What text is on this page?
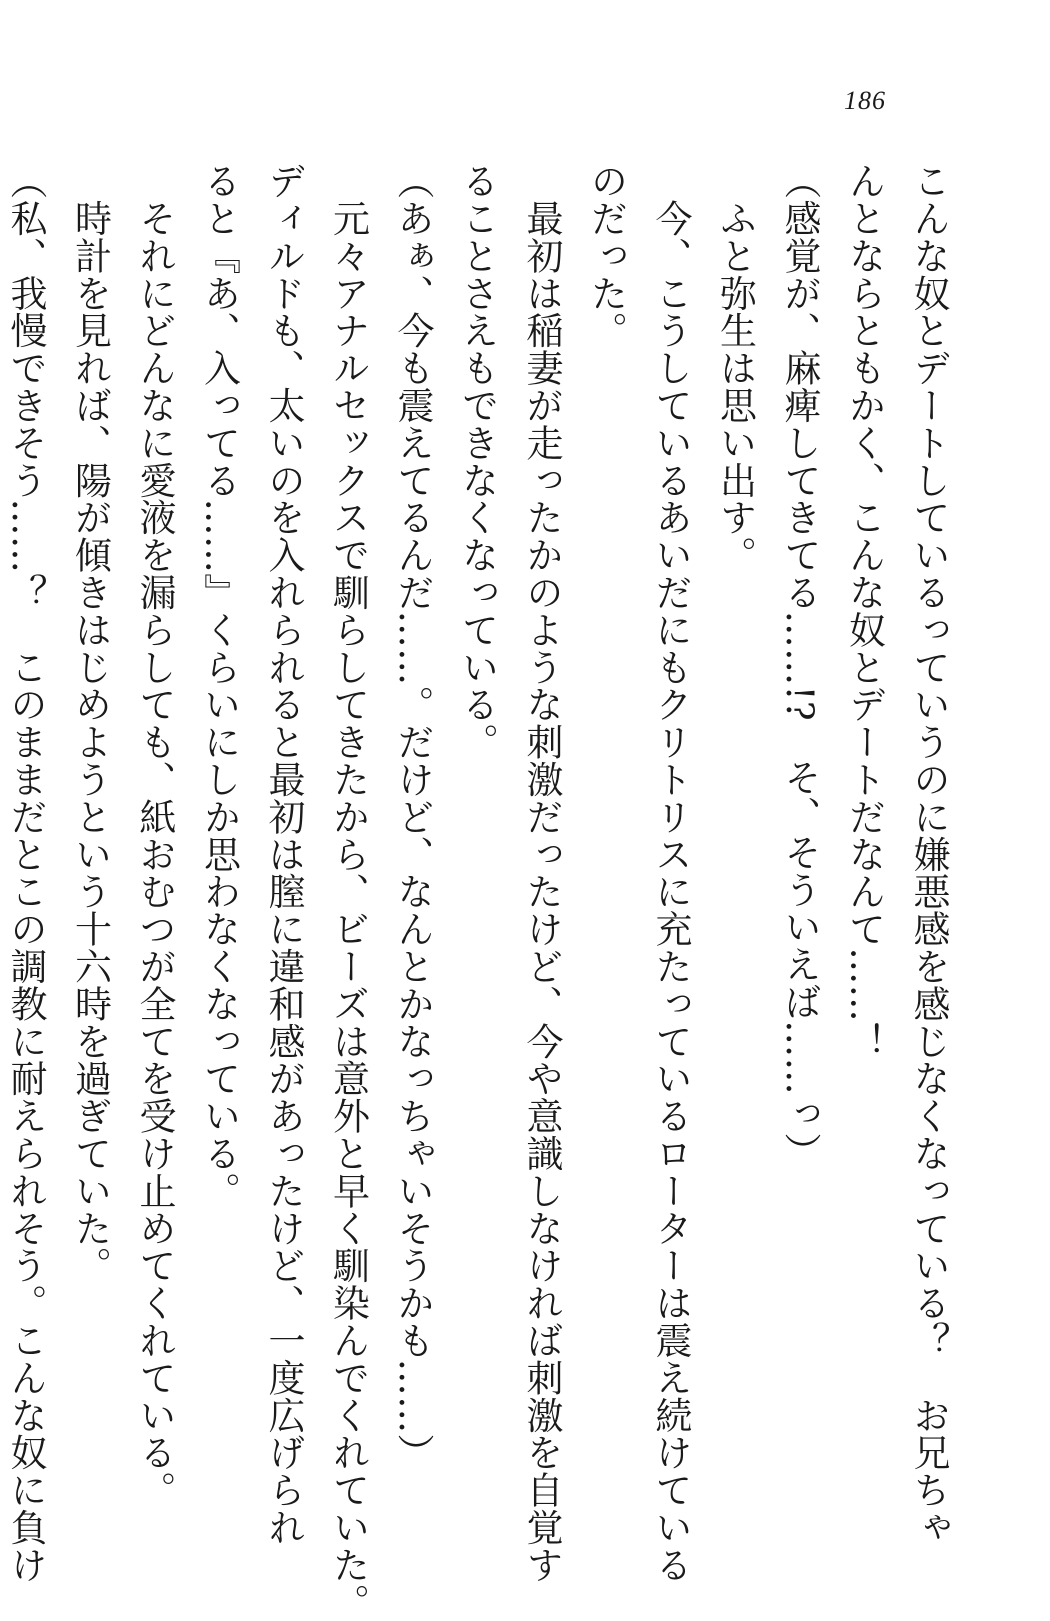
186

こんな奴とデートしているっていうのに嫌悪感を感じなくなっている？　お兄ちゃ

んとならともかく、こんな奴とデートだなんて……！

（感覚が、麻痺してきてる……!?　そ、そういえば……っ）

　ふと弥生は思い出す。

　今、こうしているあいだにもクリトリスに充たっているローターは震え続けている

のだった。

　最初は稲妻が走ったかのような刺激だったけど、今や意識しなければ刺激を自覚す

ることさえもできなくなっている。

（あぁ、今も震えてるんだ……。だけど、なんとかなっちゃいそうかも……）

　元々アナルセックスで馴らしてきたから、ビーズは意外と早く馴染んでくれていた。

ディルドも、太いのを入れられると最初は膣に違和感があったけど、一度広げられ

ると『あ、入ってる……』くらいにしか思わなくなっている。

　それにどんなに愛液を漏らしても、紙おむつが全てを受け止めてくれている。

　時計を見れば、陽が傾きはじめようという十六時を過ぎていた。

（私、我慢できそう……？　このままだとこの調教に耐えられそう。こんな奴に負け
